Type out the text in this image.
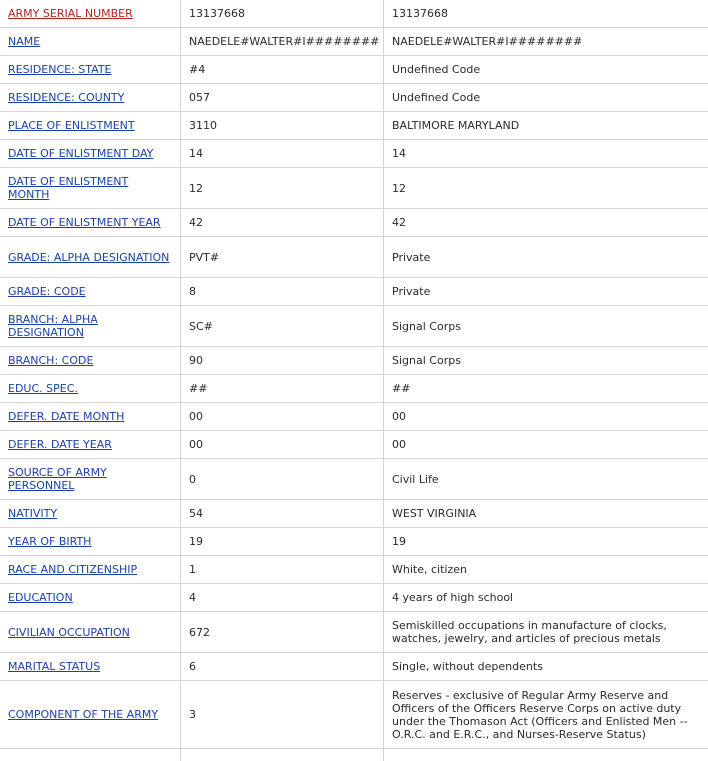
ARMY SERIAL NUMBER	13137668	13137668
NAME	NAEDELE#WALTER#I########	NAEDELE#WALTER#I########
RESIDENCE: STATE	#4	Undefined Code
RESIDENCE: COUNTY	057	Undefined Code
PLACE OF ENLISTMENT	3110	BALTIMORE MARYLAND
DATE OF ENLISTMENT DAY	14	14
DATE OF ENLISTMENT MONTH	12	12
DATE OF ENLISTMENT YEAR	42	42
GRADE: ALPHA DESIGNATION	PVT#	Private
GRADE: CODE	8	Private
BRANCH: ALPHA DESIGNATION	SC#	Signal Corps
BRANCH: CODE	90	Signal Corps
EDUC. SPEC.	##	##
DEFER. DATE MONTH	00	00
DEFER. DATE YEAR	00	00
SOURCE OF ARMY PERSONNEL	0	Civil Life
NATIVITY	54	WEST VIRGINIA
YEAR OF BIRTH	19	19
RACE AND CITIZENSHIP	1	White, citizen
EDUCATION	4	4 years of high school
CIVILIAN OCCUPATION	672	Semiskilled occupations in manufacture of clocks, watches, jewelry, and articles of precious metals
MARITAL STATUS	6	Single, without dependents
COMPONENT OF THE ARMY	3	Reserves - exclusive of Regular Army Reserve and Officers of the Officers Reserve Corps on active duty under the Thomason Act (Officers and Enlisted Men -- O.R.C. and E.R.C., and Nurses-Reserve Status)
